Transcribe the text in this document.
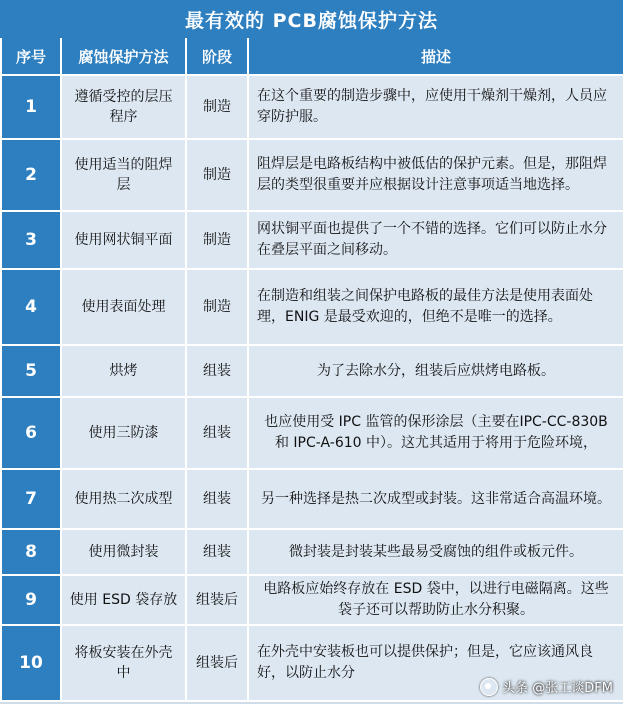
最有效的 PCB腐蚀保护方法
序号	腐蚀保护方法	阶段	描述
1	遵循受控的层压程序	制造	在这个重要的制造步骤中，应使用干燥剂干燥剂，人员应穿防护服。
2	使用适当的阻焊层	制造	阻焊层是电路板结构中被低估的保护元素。但是，那阻焊层的类型很重要并应根据设计注意事项适当地选择。
3	使用网状铜平面	制造	网状铜平面也提供了一个不错的选择。它们可以防止水分在叠层平面之间移动。
4	使用表面处理	制造	在制造和组装之间保护电路板的最佳方法是使用表面处理，ENIG 是最受欢迎的，但绝不是唯一的选择。
5	烘烤	组装	为了去除水分，组装后应烘烤电路板。
6	使用三防漆	组装	也应使用受 IPC 监管的保形涂层（主要在IPC-CC-830B 和 IPC-A-610 中）。这尤其适用于将用于危险环境，
7	使用热二次成型	组装	另一种选择是热二次成型或封装。这非常适合高温环境。
8	使用微封装	组装	微封装是封装某些最易受腐蚀的组件或板元件。
9	使用 ESD 袋存放	组装后	电路板应始终存放在 ESD 袋中，以进行电磁隔离。这些袋子还可以帮助防止水分积聚。
10	将板安装在外壳中	组装后	在外壳中安装板也可以提供保护；但是，它应该通风良好，以防止水分
头条 @张工谈DFM
